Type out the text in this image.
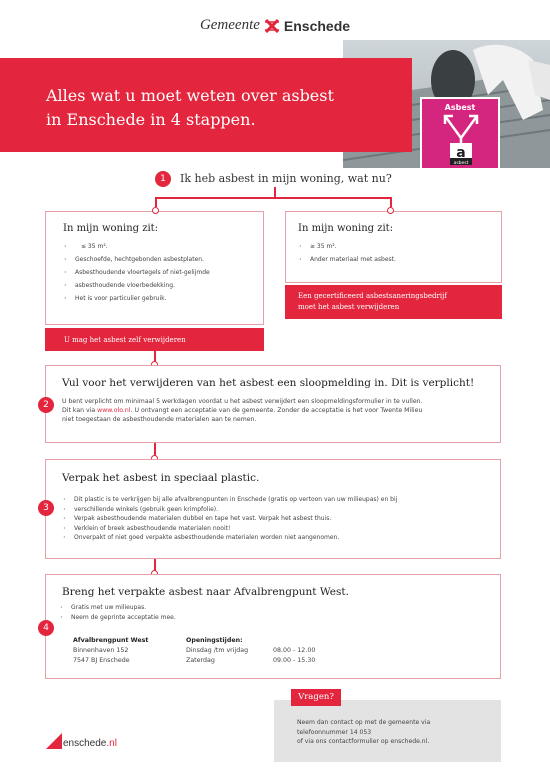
Gemeente Enschede
Alles wat u moet weten over asbest
in Enschede in 4 stappen.
Asbest
a
asbest
1	Ik heb asbest in mijn woning, wat nu?
In mijn woning zit:
· ≤ 35 m².
· Geschoefde, hechtgebonden asbestplaten.
· Asbesthoudende vloertegels of niet-gelijmde
· asbesthoudende vloerbedekking.
· Het is voor particulier gebruik.
U mag het asbest zelf verwijderen
In mijn woning zit:
· ≥ 35 m².
· Ander materiaal met asbest.
Een gecertificeerd asbestsaneringsbedrijf
moet het asbest verwijderen
Vul voor het verwijderen van het asbest een sloopmelding in. Dit is verplicht!
U bent verplicht om minimaal 5 werkdagen voordat u het asbest verwijdert een sloopmeldingsformulier in te vullen.
Dit kan via www.olo.nl. U ontvangt een acceptatie van de gemeente. Zonder de acceptatie is het voor Twente Milieu
niet toegestaan de asbesthoudende materialen aan te nemen.
2
Verpak het asbest in speciaal plastic.
· Dit plastic is te verkrijgen bij alle afvalbrengpunten in Enschede (gratis op vertoon van uw milieupas) en bij
· verschillende winkels (gebruik geen krimpfolie).
· Verpak asbesthoudende materialen dubbel en tape het vast. Verpak het asbest thuis.
· Verklein of breek asbesthoudende materialen nooit!
· Onverpakt of niet goed verpakte asbesthoudende materialen worden niet aangenomen.
3
Breng het verpakte asbest naar Afvalbrengpunt West.
· Gratis met uw milieupas.
· Neem de geprinte acceptatie mee.
Afvalbrengpunt West
Binnenhaven 152
7547 BJ Enschede
Openingstijden:
Dinsdag /tm vrijdag	08.00 - 12.00
Zaterdag	09.00 - 15.30
4
Vragen?
Neem dan contact op met de gemeente via
telefoonnummer 14 053
of via ons contactformulier op enschede.nl.
enschede.nl
